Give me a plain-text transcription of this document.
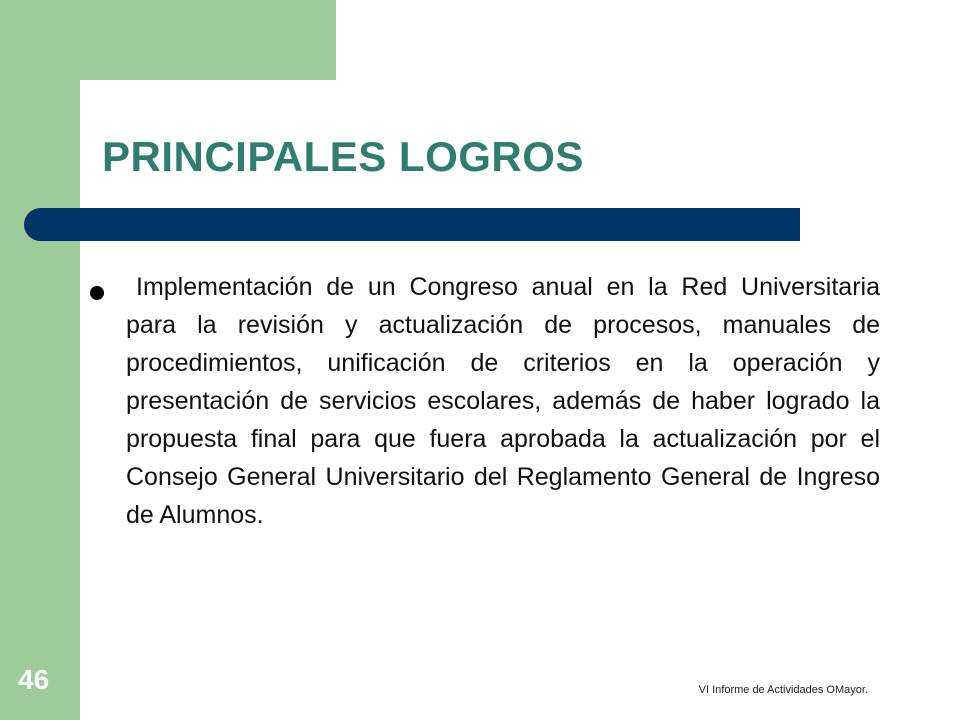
PRINCIPALES LOGROS

Implementación de un Congreso anual en la Red Universitaria para la revisión y actualización de procesos, manuales de procedimientos, unificación de criterios en la operación y presentación de servicios escolares, además de haber logrado la propuesta final para que fuera aprobada la actualización por el Consejo General Universitario del Reglamento General de Ingreso de Alumnos.

46	VI Informe de Actividades OMayor.
